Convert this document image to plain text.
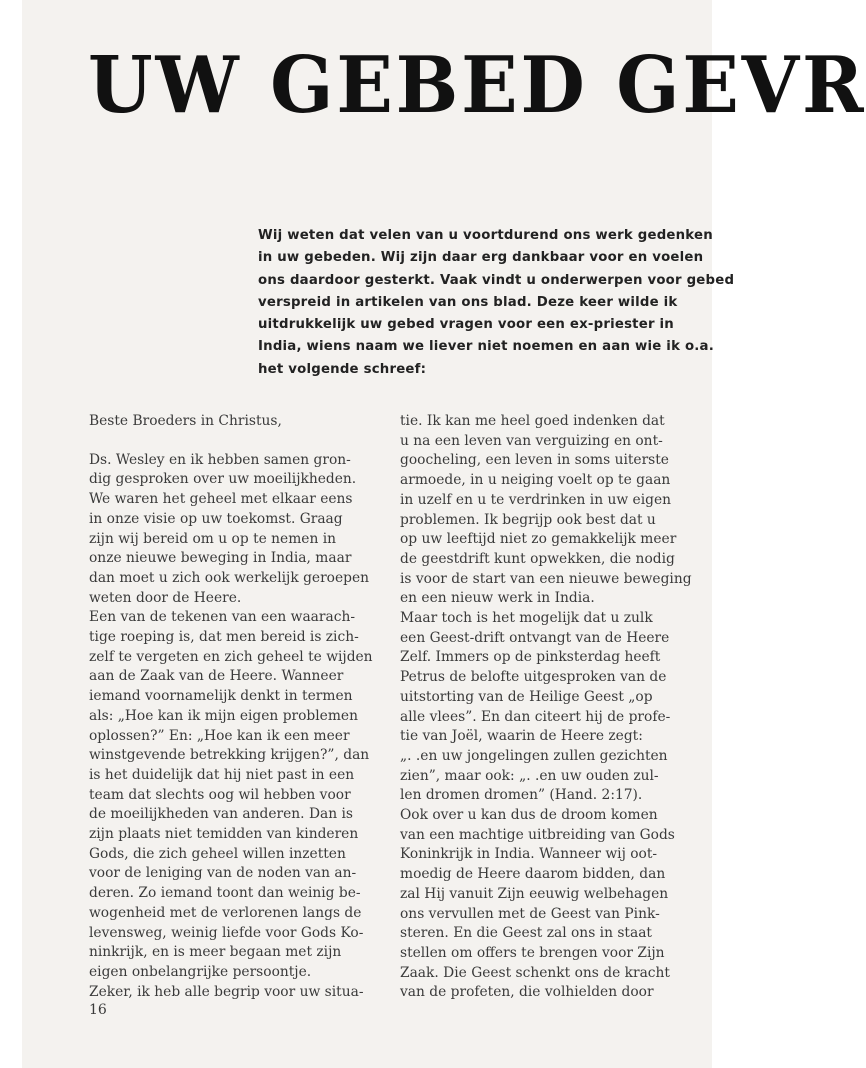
UW GEBED GEVR

Wij weten dat velen van u voortdurend ons werk gedenken

in uw gebeden. Wij zijn daar erg dankbaar voor en voelen

ons daardoor gesterkt. Vaak vindt u onderwerpen voor gebed

verspreid in artikelen van ons blad. Deze keer wilde ik

uitdrukkelijk uw gebed vragen voor een ex-priester in

India, wiens naam we liever niet noemen en aan wie ik o.a.

het volgende schreef:

Beste Broeders in Christus,
Ds. Wesley en ik hebben samen gron-
dig gesproken over uw moeilijkheden.
We waren het geheel met elkaar eens
in onze visie op uw toekomst. Graag
zijn wij bereid om u op te nemen in
onze nieuwe beweging in India, maar
dan moet u zich ook werkelijk geroepen
weten door de Heere.
Een van de tekenen van een waarach-
tige roeping is, dat men bereid is zich-
zelf te vergeten en zich geheel te wijden
aan de Zaak van de Heere. Wanneer
iemand voornamelijk denkt in termen
als: „Hoe kan ik mijn eigen problemen
oplossen?” En: „Hoe kan ik een meer
winstgevende betrekking krijgen?”, dan
is het duidelijk dat hij niet past in een
team dat slechts oog wil hebben voor
de moeilijkheden van anderen. Dan is
zijn plaats niet temidden van kinderen
Gods, die zich geheel willen inzetten
voor de leniging van de noden van an-
deren. Zo iemand toont dan weinig be-
wogenheid met de verlorenen langs de
levensweg, weinig liefde voor Gods Ko-
ninkrijk, en is meer begaan met zijn
eigen onbelangrijke persoontje.
Zeker, ik heb alle begrip voor uw situa-
tie. Ik kan me heel goed indenken dat
u na een leven van verguizing en ont-
goocheling, een leven in soms uiterste
armoede, in u neiging voelt op te gaan
in uzelf en u te verdrinken in uw eigen
problemen. Ik begrijp ook best dat u
op uw leeftijd niet zo gemakkelijk meer
de geestdrift kunt opwekken, die nodig
is voor de start van een nieuwe beweging
en een nieuw werk in India.
Maar toch is het mogelijk dat u zulk
een Geest-drift ontvangt van de Heere
Zelf. Immers op de pinksterdag heeft
Petrus de belofte uitgesproken van de
uitstorting van de Heilige Geest „op
alle vlees”. En dan citeert hij de profe-
tie van Joël, waarin de Heere zegt:
„. .en uw jongelingen zullen gezichten
zien”, maar ook: „. .en uw ouden zul-
len dromen dromen” (Hand. 2:17).
Ook over u kan dus de droom komen
van een machtige uitbreiding van Gods
Koninkrijk in India. Wanneer wij oot-
moedig de Heere daarom bidden, dan
zal Hij vanuit Zijn eeuwig welbehagen
ons vervullen met de Geest van Pink-
steren. En die Geest zal ons in staat
stellen om offers te brengen voor Zijn
Zaak. Die Geest schenkt ons de kracht
van de profeten, die volhielden door
16
